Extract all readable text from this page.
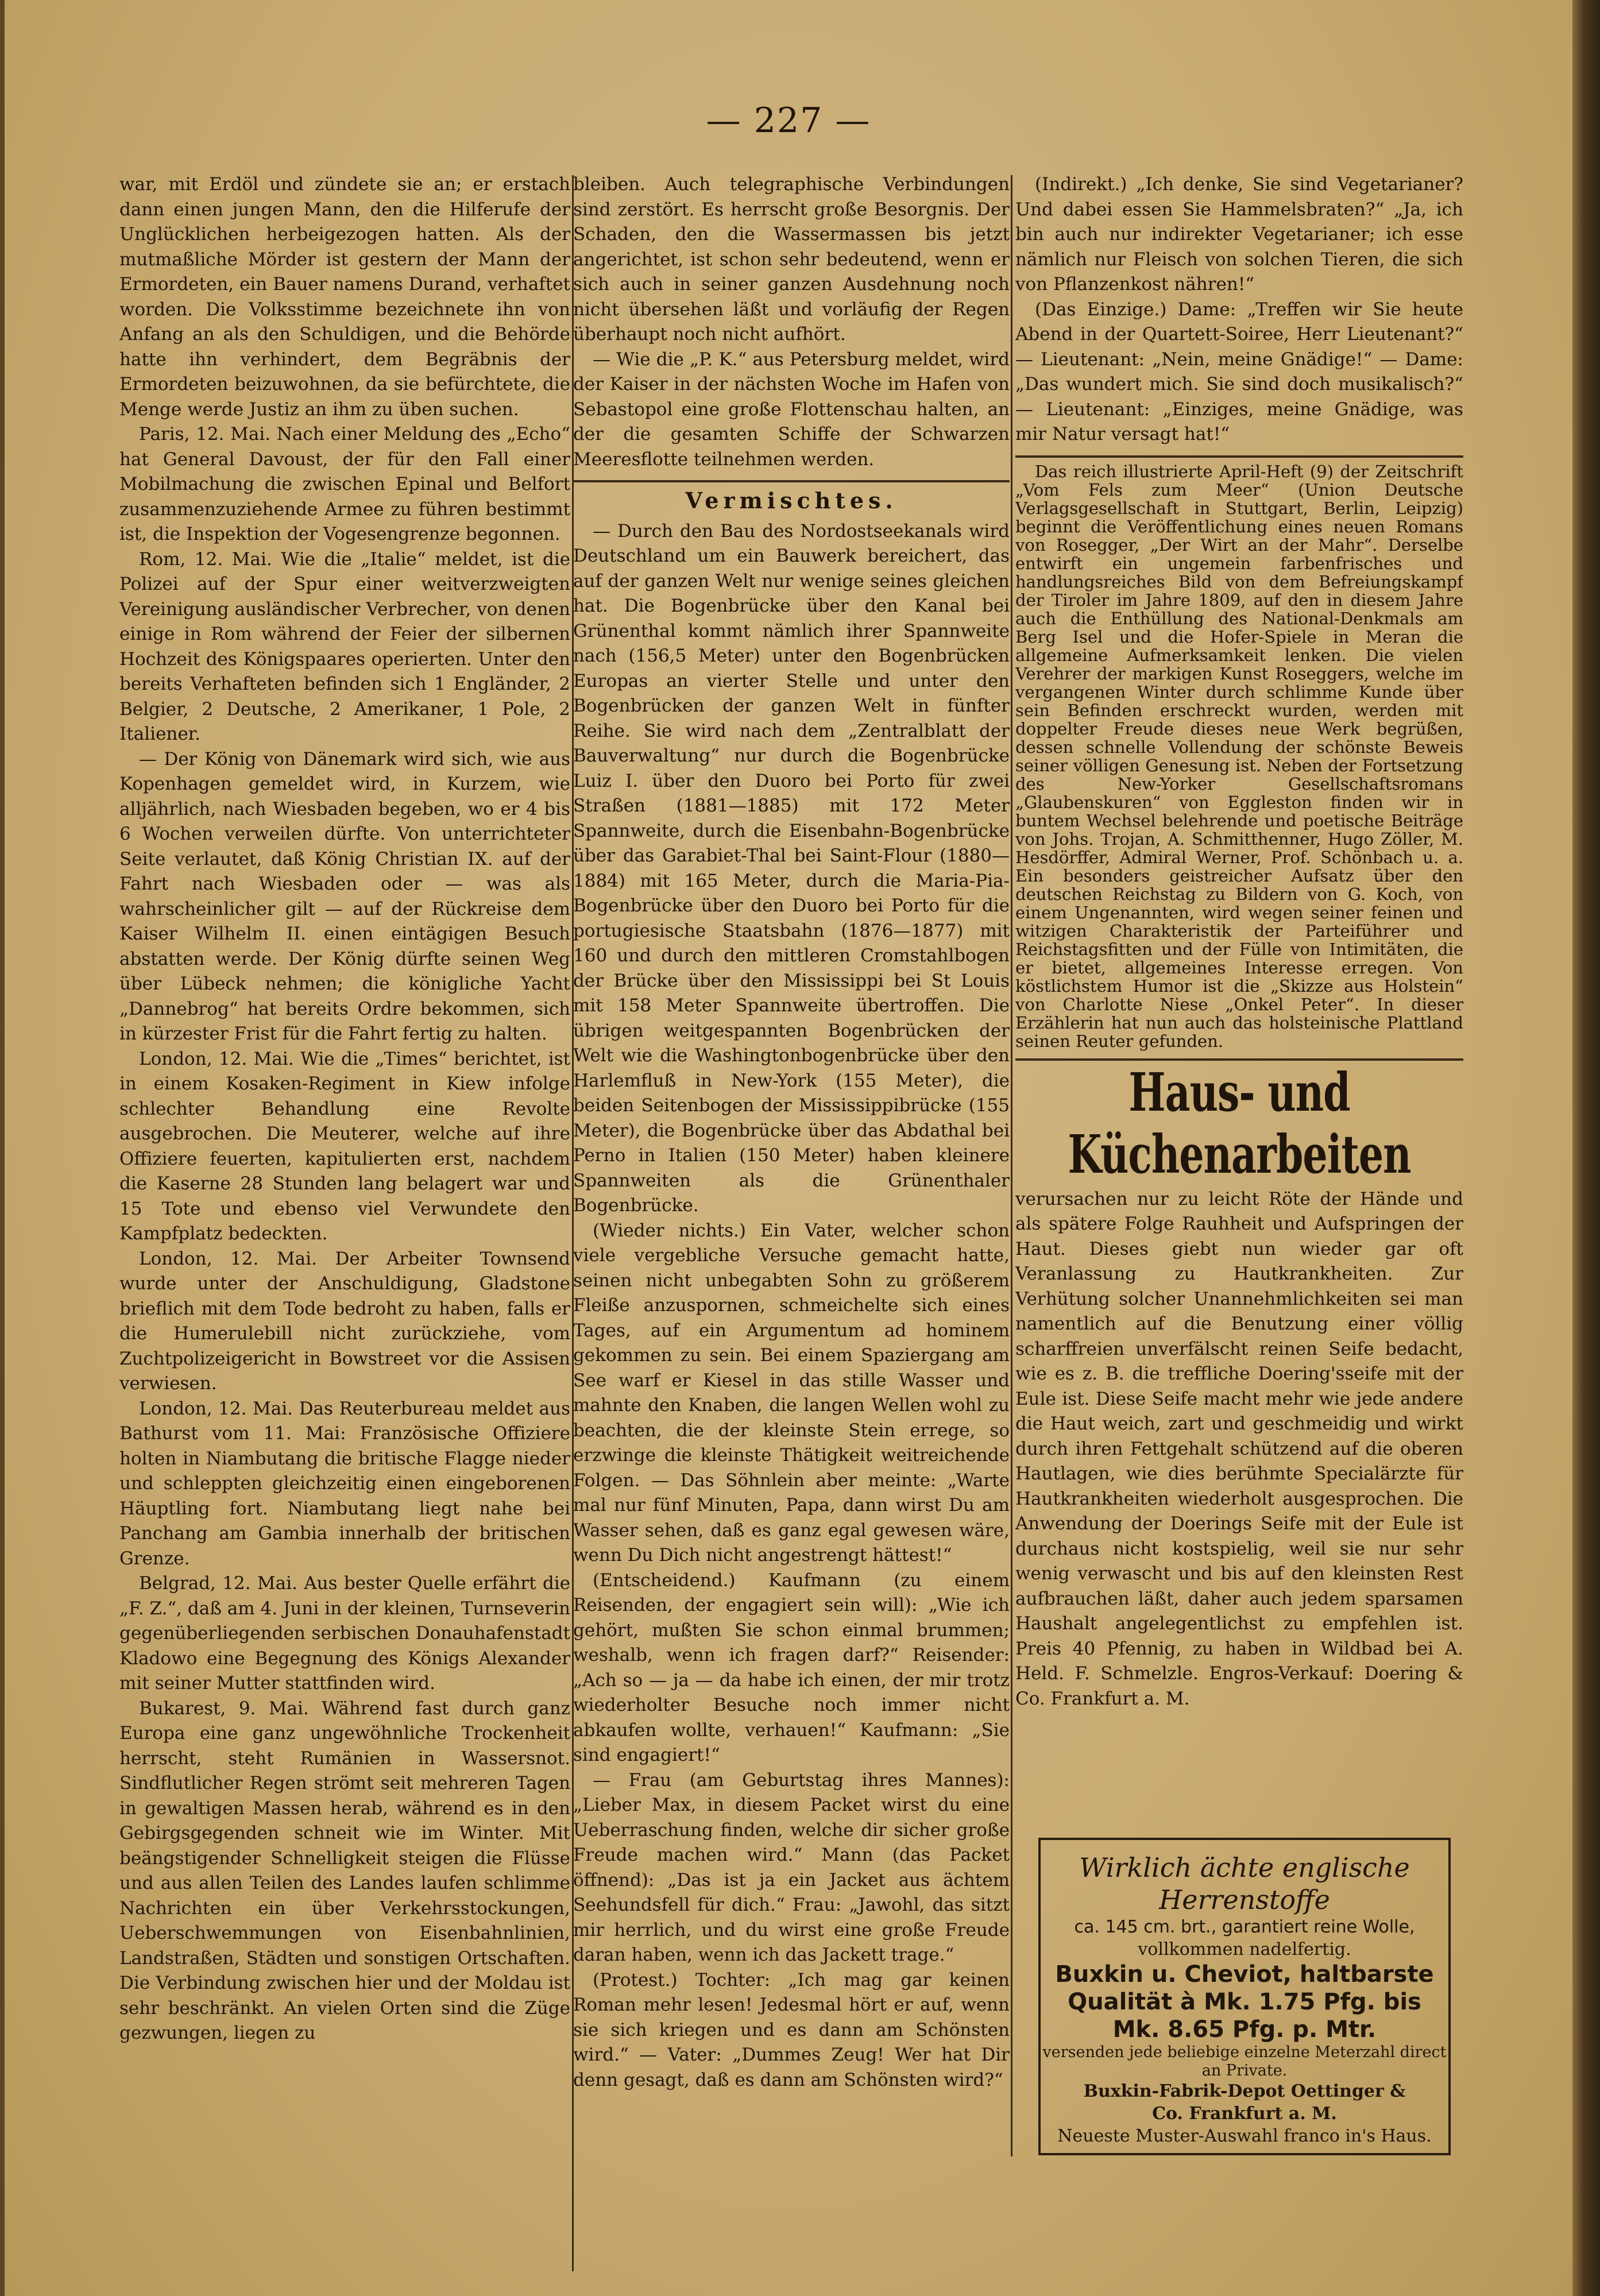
— 227 —

war, mit Erdöl und zündete sie an; er erstach dann einen jungen Mann, den die Hilferufe der Unglücklichen herbeigezogen hatten. Als der mutmaßliche Mörder ist gestern der Mann der Ermordeten, ein Bauer namens Durand, verhaftet worden. Die Volksstimme bezeichnete ihn von Anfang an als den Schuldigen, und die Behörde hatte ihn verhindert, dem Begräbnis der Ermordeten beizuwohnen, da sie befürchtete, die Menge werde Justiz an ihm zu üben suchen.

Paris, 12. Mai. Nach einer Meldung des „Echo“ hat General Davoust, der für den Fall einer Mobilmachung die zwischen Epinal und Belfort zusammenzuziehende Armee zu führen bestimmt ist, die Inspektion der Vogesengrenze begonnen.

Rom, 12. Mai. Wie die „Italie“ meldet, ist die Polizei auf der Spur einer weitverzweigten Vereinigung ausländischer Verbrecher, von denen einige in Rom während der Feier der silbernen Hochzeit des Königspaares operierten. Unter den bereits Verhafteten befinden sich 1 Engländer, 2 Belgier, 2 Deutsche, 2 Amerikaner, 1 Pole, 2 Italiener.

— Der König von Dänemark wird sich, wie aus Kopenhagen gemeldet wird, in Kurzem, wie alljährlich, nach Wiesbaden begeben, wo er 4 bis 6 Wochen verweilen dürfte. Von unterrichteter Seite verlautet, daß König Christian IX. auf der Fahrt nach Wiesbaden oder — was als wahrscheinlicher gilt — auf der Rückreise dem Kaiser Wilhelm II. einen eintägigen Besuch abstatten werde. Der König dürfte seinen Weg über Lübeck nehmen; die königliche Yacht „Dannebrog“ hat bereits Ordre bekommen, sich in kürzester Frist für die Fahrt fertig zu halten.

London, 12. Mai. Wie die „Times“ berichtet, ist in einem Kosaken-Regiment in Kiew infolge schlechter Behandlung eine Revolte ausgebrochen. Die Meuterer, welche auf ihre Offiziere feuerten, kapitulierten erst, nachdem die Kaserne 28 Stunden lang belagert war und 15 Tote und ebenso viel Verwundete den Kampfplatz bedeckten.

London, 12. Mai. Der Arbeiter Townsend wurde unter der Anschuldigung, Gladstone brieflich mit dem Tode bedroht zu haben, falls er die Humerulebill nicht zurückziehe, vom Zuchtpolizeigericht in Bowstreet vor die Assisen verwiesen.

London, 12. Mai. Das Reuterbureau meldet aus Bathurst vom 11. Mai: Französische Offiziere holten in Niambutang die britische Flagge nieder und schleppten gleichzeitig einen eingeborenen Häuptling fort. Niambutang liegt nahe bei Panchang am Gambia innerhalb der britischen Grenze.

Belgrad, 12. Mai. Aus bester Quelle erfährt die „F. Z.“, daß am 4. Juni in der kleinen, Turnseverin gegenüberliegenden serbischen Donauhafenstadt Kladowo eine Begegnung des Königs Alexander mit seiner Mutter stattfinden wird.

Bukarest, 9. Mai. Während fast durch ganz Europa eine ganz ungewöhnliche Trockenheit herrscht, steht Rumänien in Wassersnot. Sindflutlicher Regen strömt seit mehreren Tagen in gewaltigen Massen herab, während es in den Gebirgsgegenden schneit wie im Winter. Mit beängstigender Schnelligkeit steigen die Flüsse und aus allen Teilen des Landes laufen schlimme Nachrichten ein über Verkehrsstockungen, Ueberschwemmungen von Eisenbahnlinien, Landstraßen, Städten und sonstigen Ortschaften. Die Verbindung zwischen hier und der Moldau ist sehr beschränkt. An vielen Orten sind die Züge gezwungen, liegen zu

bleiben. Auch telegraphische Verbindungen sind zerstört. Es herrscht große Besorgnis. Der Schaden, den die Wassermassen bis jetzt angerichtet, ist schon sehr bedeutend, wenn er sich auch in seiner ganzen Ausdehnung noch nicht übersehen läßt und vorläufig der Regen überhaupt noch nicht aufhört.

— Wie die „P. K.“ aus Petersburg meldet, wird der Kaiser in der nächsten Woche im Hafen von Sebastopol eine große Flottenschau halten, an der die gesamten Schiffe der Schwarzen Meeresflotte teilnehmen werden.

Vermischtes.

— Durch den Bau des Nordostseekanals wird Deutschland um ein Bauwerk bereichert, das auf der ganzen Welt nur wenige seines gleichen hat. Die Bogenbrücke über den Kanal bei Grünenthal kommt nämlich ihrer Spannweite nach (156,5 Meter) unter den Bogenbrücken Europas an vierter Stelle und unter den Bogenbrücken der ganzen Welt in fünfter Reihe. Sie wird nach dem „Zentralblatt der Bauverwaltung“ nur durch die Bogenbrücke Luiz I. über den Duoro bei Porto für zwei Straßen (1881—1885) mit 172 Meter Spannweite, durch die Eisenbahn-Bogenbrücke über das Garabiet-Thal bei Saint-Flour (1880—1884) mit 165 Meter, durch die Maria-Pia-Bogenbrücke über den Duoro bei Porto für die portugiesische Staatsbahn (1876—1877) mit 160 und durch den mittleren Cromstahlbogen der Brücke über den Mississippi bei St Louis mit 158 Meter Spannweite übertroffen. Die übrigen weitgespannten Bogenbrücken der Welt wie die Washingtonbogenbrücke über den Harlemfluß in New-York (155 Meter), die beiden Seitenbogen der Mississippibrücke (155 Meter), die Bogenbrücke über das Abdathal bei Perno in Italien (150 Meter) haben kleinere Spannweiten als die Grünenthaler Bogenbrücke.

(Wieder nichts.) Ein Vater, welcher schon viele vergebliche Versuche gemacht hatte, seinen nicht unbegabten Sohn zu größerem Fleiße anzuspornen, schmeichelte sich eines Tages, auf ein Argumentum ad hominem gekommen zu sein. Bei einem Spaziergang am See warf er Kiesel in das stille Wasser und mahnte den Knaben, die langen Wellen wohl zu beachten, die der kleinste Stein errege, so erzwinge die kleinste Thätigkeit weitreichende Folgen. — Das Söhnlein aber meinte: „Warte mal nur fünf Minuten, Papa, dann wirst Du am Wasser sehen, daß es ganz egal gewesen wäre, wenn Du Dich nicht angestrengt hättest!“

(Entscheidend.) Kaufmann (zu einem Reisenden, der engagiert sein will): „Wie ich gehört, mußten Sie schon einmal brummen; weshalb, wenn ich fragen darf?“ Reisender: „Ach so — ja — da habe ich einen, der mir trotz wiederholter Besuche noch immer nicht abkaufen wollte, verhauen!“ Kaufmann: „Sie sind engagiert!“

— Frau (am Geburtstag ihres Mannes): „Lieber Max, in diesem Packet wirst du eine Ueberraschung finden, welche dir sicher große Freude machen wird.“ Mann (das Packet öffnend): „Das ist ja ein Jacket aus ächtem Seehundsfell für dich.“ Frau: „Jawohl, das sitzt mir herrlich, und du wirst eine große Freude daran haben, wenn ich das Jackett trage.“

(Protest.) Tochter: „Ich mag gar keinen Roman mehr lesen! Jedesmal hört er auf, wenn sie sich kriegen und es dann am Schönsten wird.“ — Vater: „Dummes Zeug! Wer hat Dir denn gesagt, daß es dann am Schönsten wird?“

(Indirekt.) „Ich denke, Sie sind Vegetarianer? Und dabei essen Sie Hammelsbraten?“ „Ja, ich bin auch nur indirekter Vegetarianer; ich esse nämlich nur Fleisch von solchen Tieren, die sich von Pflanzenkost nähren!“

(Das Einzige.) Dame: „Treffen wir Sie heute Abend in der Quartett-Soiree, Herr Lieutenant?“ — Lieutenant: „Nein, meine Gnädige!“ — Dame: „Das wundert mich. Sie sind doch musikalisch?“ — Lieutenant: „Einziges, meine Gnädige, was mir Natur versagt hat!“

Das reich illustrierte April-Heft (9) der Zeitschrift „Vom Fels zum Meer“ (Union Deutsche Verlagsgesellschaft in Stuttgart, Berlin, Leipzig) beginnt die Veröffentlichung eines neuen Romans von Rosegger, „Der Wirt an der Mahr“. Derselbe entwirft ein ungemein farbenfrisches und handlungsreiches Bild von dem Befreiungskampf der Tiroler im Jahre 1809, auf den in diesem Jahre auch die Enthüllung des National-Denkmals am Berg Isel und die Hofer-Spiele in Meran die allgemeine Aufmerksamkeit lenken. Die vielen Verehrer der markigen Kunst Roseggers, welche im vergangenen Winter durch schlimme Kunde über sein Befinden erschreckt wurden, werden mit doppelter Freude dieses neue Werk begrüßen, dessen schnelle Vollendung der schönste Beweis seiner völligen Genesung ist. Neben der Fortsetzung des New-Yorker Gesellschaftsromans „Glaubenskuren“ von Eggleston finden wir in buntem Wechsel belehrende und poetische Beiträge von Johs. Trojan, A. Schmitthenner, Hugo Zöller, M. Hesdörffer, Admiral Werner, Prof. Schönbach u. a. Ein besonders geistreicher Aufsatz über den deutschen Reichstag zu Bildern von G. Koch, von einem Ungenannten, wird wegen seiner feinen und witzigen Charakteristik der Parteiführer und Reichstagsfitten und der Fülle von Intimitäten, die er bietet, allgemeines Interesse erregen. Von köstlichstem Humor ist die „Skizze aus Holstein“ von Charlotte Niese „Onkel Peter“. In dieser Erzählerin hat nun auch das holsteinische Plattland seinen Reuter gefunden.

Haus- und Küchenarbeiten

verursachen nur zu leicht Röte der Hände und als spätere Folge Rauhheit und Aufspringen der Haut. Dieses giebt nun wieder gar oft Veranlassung zu Hautkrankheiten. Zur Verhütung solcher Unannehmlichkeiten sei man namentlich auf die Benutzung einer völlig scharffreien unverfälscht reinen Seife bedacht, wie es z. B. die treffliche Doering'sseife mit der Eule ist. Diese Seife macht mehr wie jede andere die Haut weich, zart und geschmeidig und wirkt durch ihren Fettgehalt schützend auf die oberen Hautlagen, wie dies berühmte Specialärzte für Hautkrankheiten wiederholt ausgesprochen. Die Anwendung der Doerings Seife mit der Eule ist durchaus nicht kostspielig, weil sie nur sehr wenig verwascht und bis auf den kleinsten Rest aufbrauchen läßt, daher auch jedem sparsamen Haushalt angelegentlichst zu empfehlen ist. Preis 40 Pfennig, zu haben in Wildbad bei A. Held. F. Schmelzle. Engros-Verkauf: Doering & Co. Frankfurt a. M.

Wirklich ächte englische
Herrenstoffe
ca. 145 cm. brt., garantiert reine Wolle,
vollkommen nadelfertig.
Buxkin u. Cheviot, haltbarste
Qualität à Mk. 1.75 Pfg. bis
Mk. 8.65 Pfg. p. Mtr.
versenden jede beliebige einzelne Meterzahl direct an Private.
Buxkin-Fabrik-Depot Oettinger &
Co. Frankfurt a. M.
Neueste Muster-Auswahl franco in's Haus.
